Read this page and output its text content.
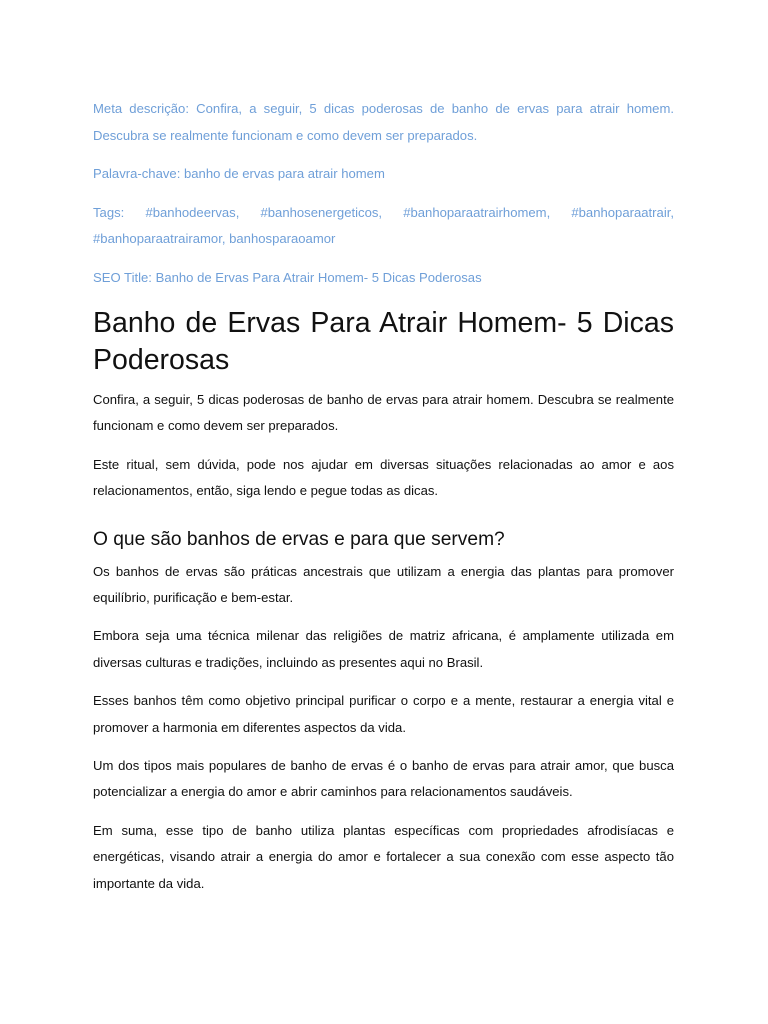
Meta descrição: Confira, a seguir, 5 dicas poderosas de banho de ervas para atrair homem. Descubra se realmente funcionam e como devem ser preparados.

Palavra-chave: banho de ervas para atrair homem

Tags: #banhodeervas, #banhosenergeticos, #banhoparaatrairhomem, #banhoparaatrair, #banhoparaatrairamor, banhosparaoamor

SEO Title: Banho de Ervas Para Atrair Homem- 5 Dicas Poderosas

Banho de Ervas Para Atrair Homem- 5 Dicas Poderosas

Confira, a seguir, 5 dicas poderosas de banho de ervas para atrair homem. Descubra se realmente funcionam e como devem ser preparados.

Este ritual, sem dúvida, pode nos ajudar em diversas situações relacionadas ao amor e aos relacionamentos, então, siga lendo e pegue todas as dicas.

O que são banhos de ervas e para que servem?

Os banhos de ervas são práticas ancestrais que utilizam a energia das plantas para promover equilíbrio, purificação e bem-estar.

Embora seja uma técnica milenar das religiões de matriz africana, é amplamente utilizada em diversas culturas e tradições, incluindo as presentes aqui no Brasil.

Esses banhos têm como objetivo principal purificar o corpo e a mente, restaurar a energia vital e promover a harmonia em diferentes aspectos da vida.

Um dos tipos mais populares de banho de ervas é o banho de ervas para atrair amor, que busca potencializar a energia do amor e abrir caminhos para relacionamentos saudáveis.

Em suma, esse tipo de banho utiliza plantas específicas com propriedades afrodisíacas e energéticas, visando atrair a energia do amor e fortalecer a sua conexão com esse aspecto tão importante da vida.
